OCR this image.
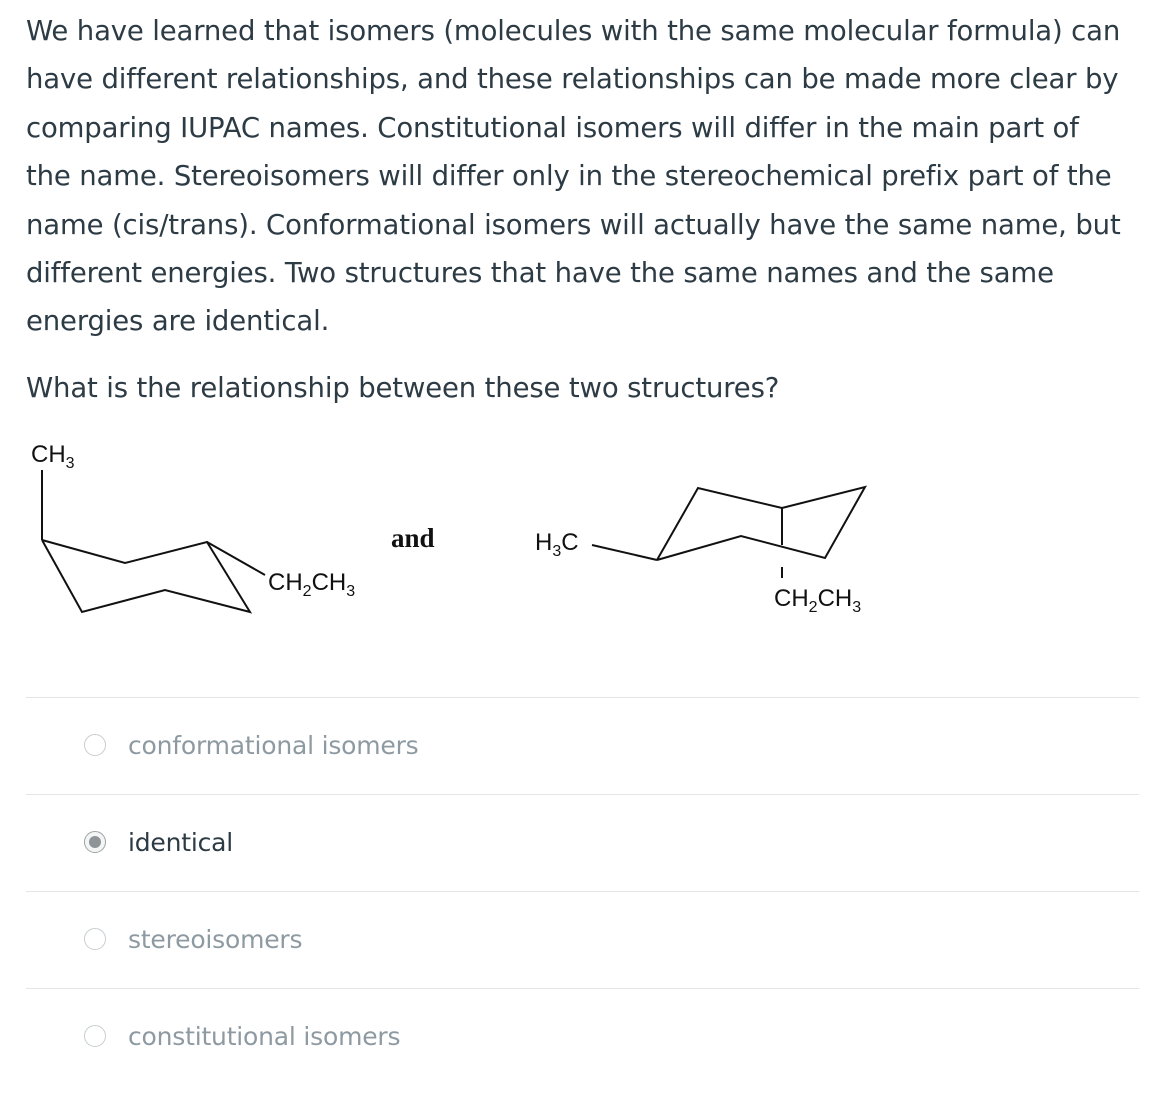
We have learned that isomers (molecules with the same molecular formula) can
have different relationships, and these relationships can be made more clear by
comparing IUPAC names. Constitutional isomers will differ in the main part of
the name. Stereoisomers will differ only in the stereochemical prefix part of the
name (cis/trans). Conformational isomers will actually have the same name, but
different energies. Two structures that have the same names and the same
energies are identical.

What is the relationship between these two structures?

$CH_3$
$CH_2CH_3$
and	$H_3C$
$CH_2CH_3$
conformational isomers
identical
stereoisomers
constitutional isomers
